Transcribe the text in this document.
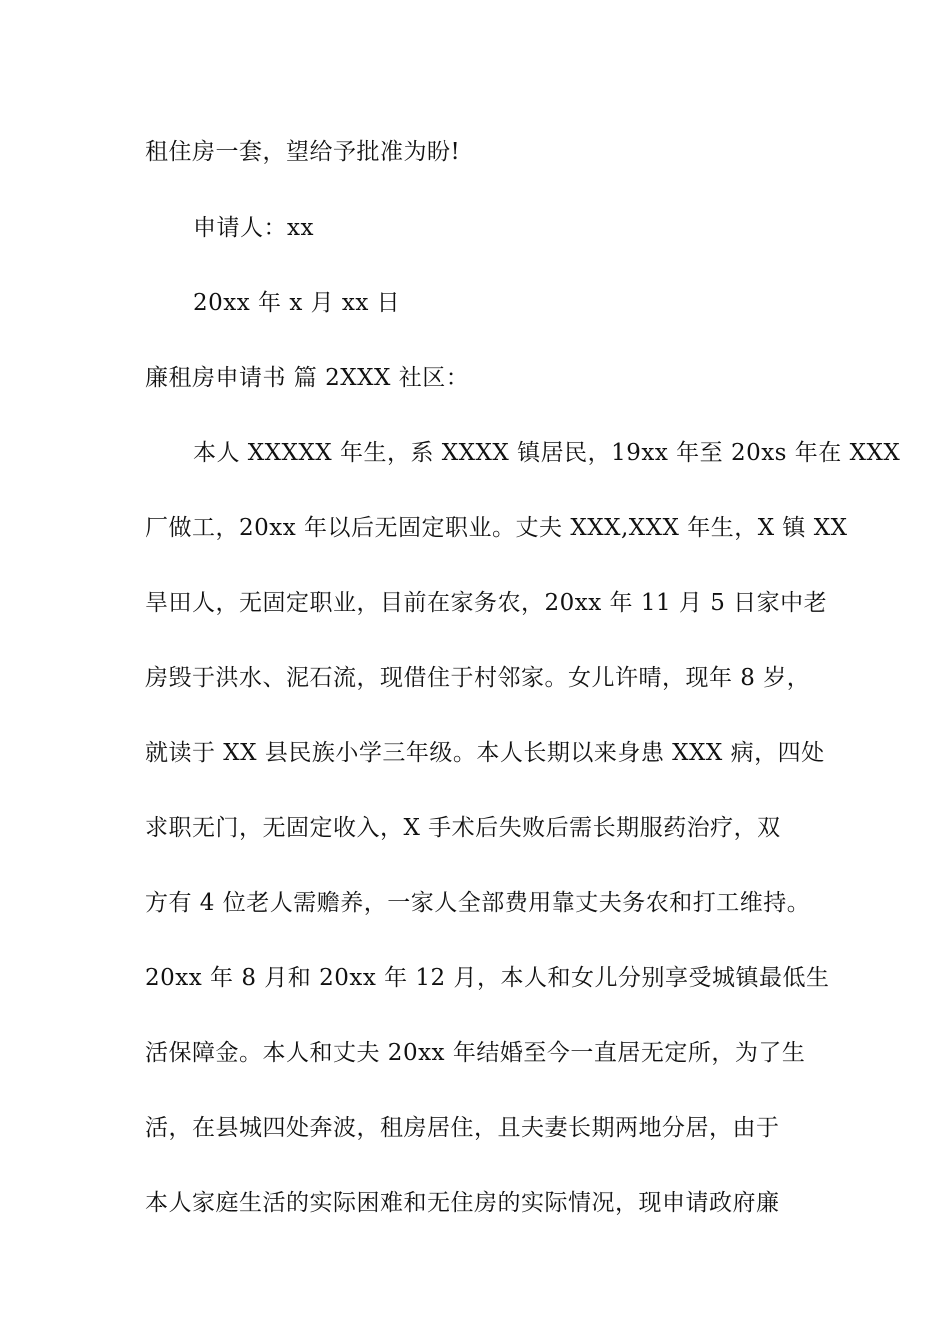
租住房一套，望给予批准为盼!
申请人：xx
20xx 年 x 月 xx 日
廉租房申请书 篇 2XXX 社区：
本人 XXXXX 年生，系 XXXX 镇居民，19xx 年至 20xs 年在 XXX
厂做工，20xx 年以后无固定职业。丈夫 XXX,XXX 年生，X 镇 XX
旱田人，无固定职业，目前在家务农，20xx 年 11 月 5 日家中老
房毁于洪水、泥石流，现借住于村邻家。女儿许晴，现年 8 岁，
就读于 XX 县民族小学三年级。本人长期以来身患 XXX 病，四处
求职无门，无固定收入，X 手术后失败后需长期服药治疗，双
方有 4 位老人需赡养，一家人全部费用靠丈夫务农和打工维持。
20xx 年 8 月和 20xx 年 12 月，本人和女儿分别享受城镇最低生
活保障金。本人和丈夫 20xx 年结婚至今一直居无定所，为了生
活，在县城四处奔波，租房居住，且夫妻长期两地分居，由于
本人家庭生活的实际困难和无住房的实际情况，现申请政府廉
